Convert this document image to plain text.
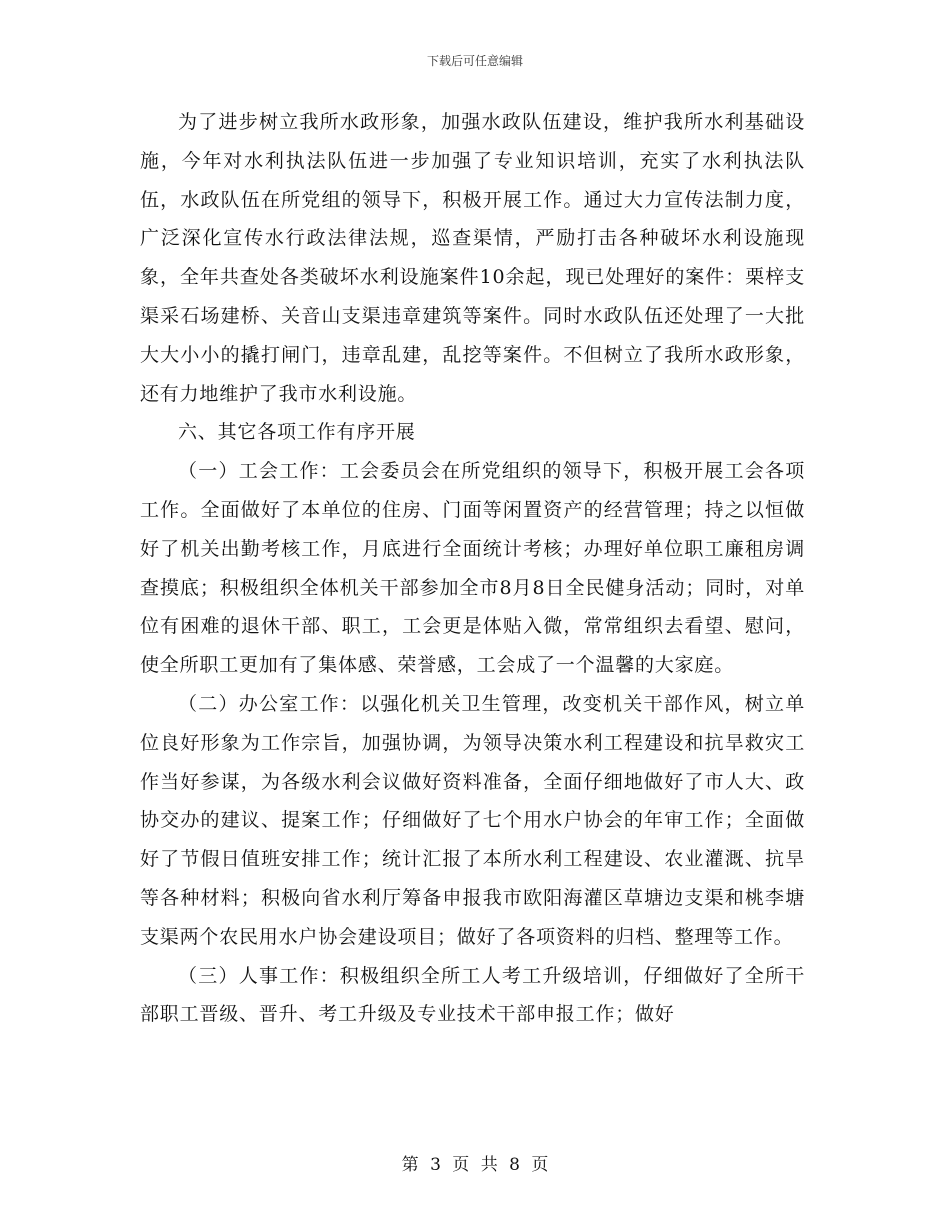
下载后可任意编辑

为了进步树立我所水政形象，加强水政队伍建设，维护我所水利基础设施，今年对水利执法队伍进一步加强了专业知识培训，充实了水利执法队伍，水政队伍在所党组的领导下，积极开展工作。通过大力宣传法制力度，广泛深化宣传水行政法律法规，巡查渠情，严励打击各种破坏水利设施现象，全年共查处各类破坏水利设施案件10余起，现已处理好的案件：栗梓支渠采石场建桥、关音山支渠违章建筑等案件。同时水政队伍还处理了一大批大大小小的撬打闸门，违章乱建，乱挖等案件。不但树立了我所水政形象，还有力地维护了我市水利设施。

六、其它各项工作有序开展

（一）工会工作：工会委员会在所党组织的领导下，积极开展工会各项工作。全面做好了本单位的住房、门面等闲置资产的经营管理；持之以恒做好了机关出勤考核工作，月底进行全面统计考核；办理好单位职工廉租房调查摸底；积极组织全体机关干部参加全市8月8日全民健身活动；同时，对单位有困难的退休干部、职工，工会更是体贴入微，常常组织去看望、慰问，使全所职工更加有了集体感、荣誉感，工会成了一个温馨的大家庭。

（二）办公室工作：以强化机关卫生管理，改变机关干部作风，树立单位良好形象为工作宗旨，加强协调，为领导决策水利工程建设和抗旱救灾工作当好参谋，为各级水利会议做好资料准备，全面仔细地做好了市人大、政协交办的建议、提案工作；仔细做好了七个用水户协会的年审工作；全面做好了节假日值班安排工作；统计汇报了本所水利工程建设、农业灌溉、抗旱等各种材料；积极向省水利厅筹备申报我市欧阳海灌区草塘边支渠和桃李塘支渠两个农民用水户协会建设项目；做好了各项资料的归档、整理等工作。

（三）人事工作：积极组织全所工人考工升级培训，仔细做好了全所干部职工晋级、晋升、考工升级及专业技术干部申报工作；做好

第 3 页 共 8 页
